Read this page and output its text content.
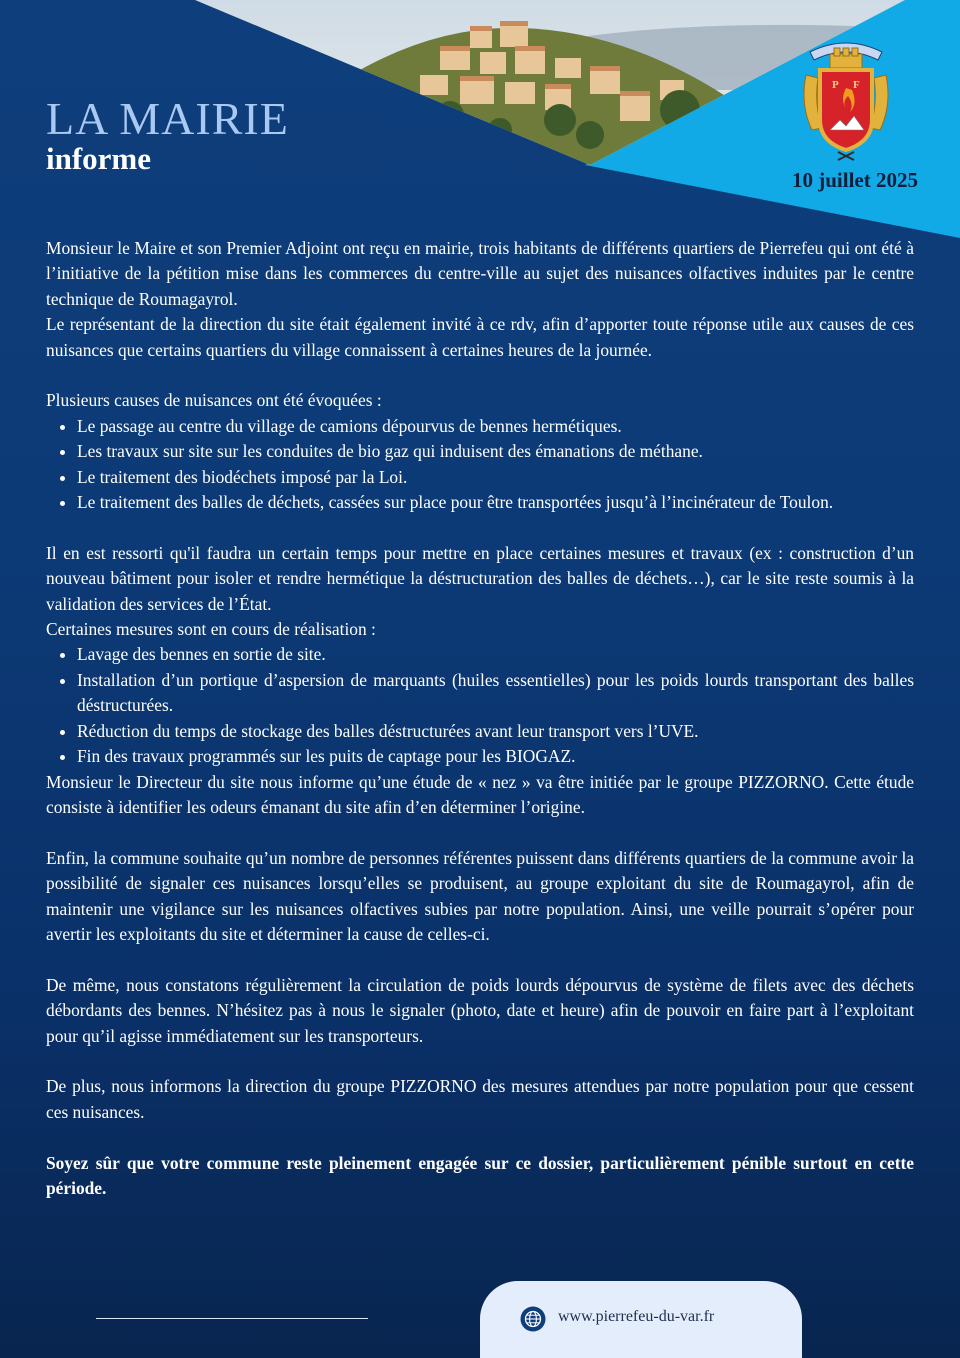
P F
LA MAIRIE
informe
10 juillet 2025

Monsieur le Maire et son Premier Adjoint ont reçu en mairie, trois habitants de différents quartiers de Pierrefeu qui ont été à l’initiative de la pétition mise dans les commerces du centre-ville au sujet des nuisances olfactives induites par le centre technique de Roumagayrol.

Le représentant de la direction du site était également invité à ce rdv, afin d’apporter toute réponse utile aux causes de ces nuisances que certains quartiers du village connaissent à certaines heures de la journée.

Plusieurs causes de nuisances ont été évoquées :

• Le passage au centre du village de camions dépourvus de bennes hermétiques.
• Les travaux sur site sur les conduites de bio gaz qui induisent des émanations de méthane.
• Le traitement des biodéchets imposé par la Loi.
• Le traitement des balles de déchets, cassées sur place pour être transportées jusqu’à l’incinérateur de Toulon.

Il en est ressorti qu'il faudra un certain temps pour mettre en place certaines mesures et travaux (ex : construction d’un nouveau bâtiment pour isoler et rendre hermétique la déstructuration des balles de déchets…), car le site reste soumis à la validation des services de l’État.

Certaines mesures sont en cours de réalisation :

• Lavage des bennes en sortie de site.
• Installation d’un portique d’aspersion de marquants (huiles essentielles) pour les poids lourds transportant des balles déstructurées.
• Réduction du temps de stockage des balles déstructurées avant leur transport vers l’UVE.
• Fin des travaux programmés sur les puits de captage pour les BIOGAZ.

Monsieur le Directeur du site nous informe qu’une étude de « nez » va être initiée par le groupe PIZZORNO. Cette étude consiste à identifier les odeurs émanant du site afin d’en déterminer l’origine.

Enfin, la commune souhaite qu’un nombre de personnes référentes puissent dans différents quartiers de la commune avoir la possibilité de signaler ces nuisances lorsqu’elles se produisent, au groupe exploitant du site de Roumagayrol, afin de maintenir une vigilance sur les nuisances olfactives subies par notre population. Ainsi, une veille pourrait s’opérer pour avertir les exploitants du site et déterminer la cause de celles-ci.

De même, nous constatons régulièrement la circulation de poids lourds dépourvus de système de filets avec des déchets débordants des bennes. N’hésitez pas à nous le signaler (photo, date et heure) afin de pouvoir en faire part à l’exploitant pour qu’il agisse immédiatement sur les transporteurs.

De plus, nous informons la direction du groupe PIZZORNO des mesures attendues par notre population pour que cessent ces nuisances.

Soyez sûr que votre commune reste pleinement engagée sur ce dossier, particulièrement pénible surtout en cette période.

www.pierrefeu-du-var.fr
